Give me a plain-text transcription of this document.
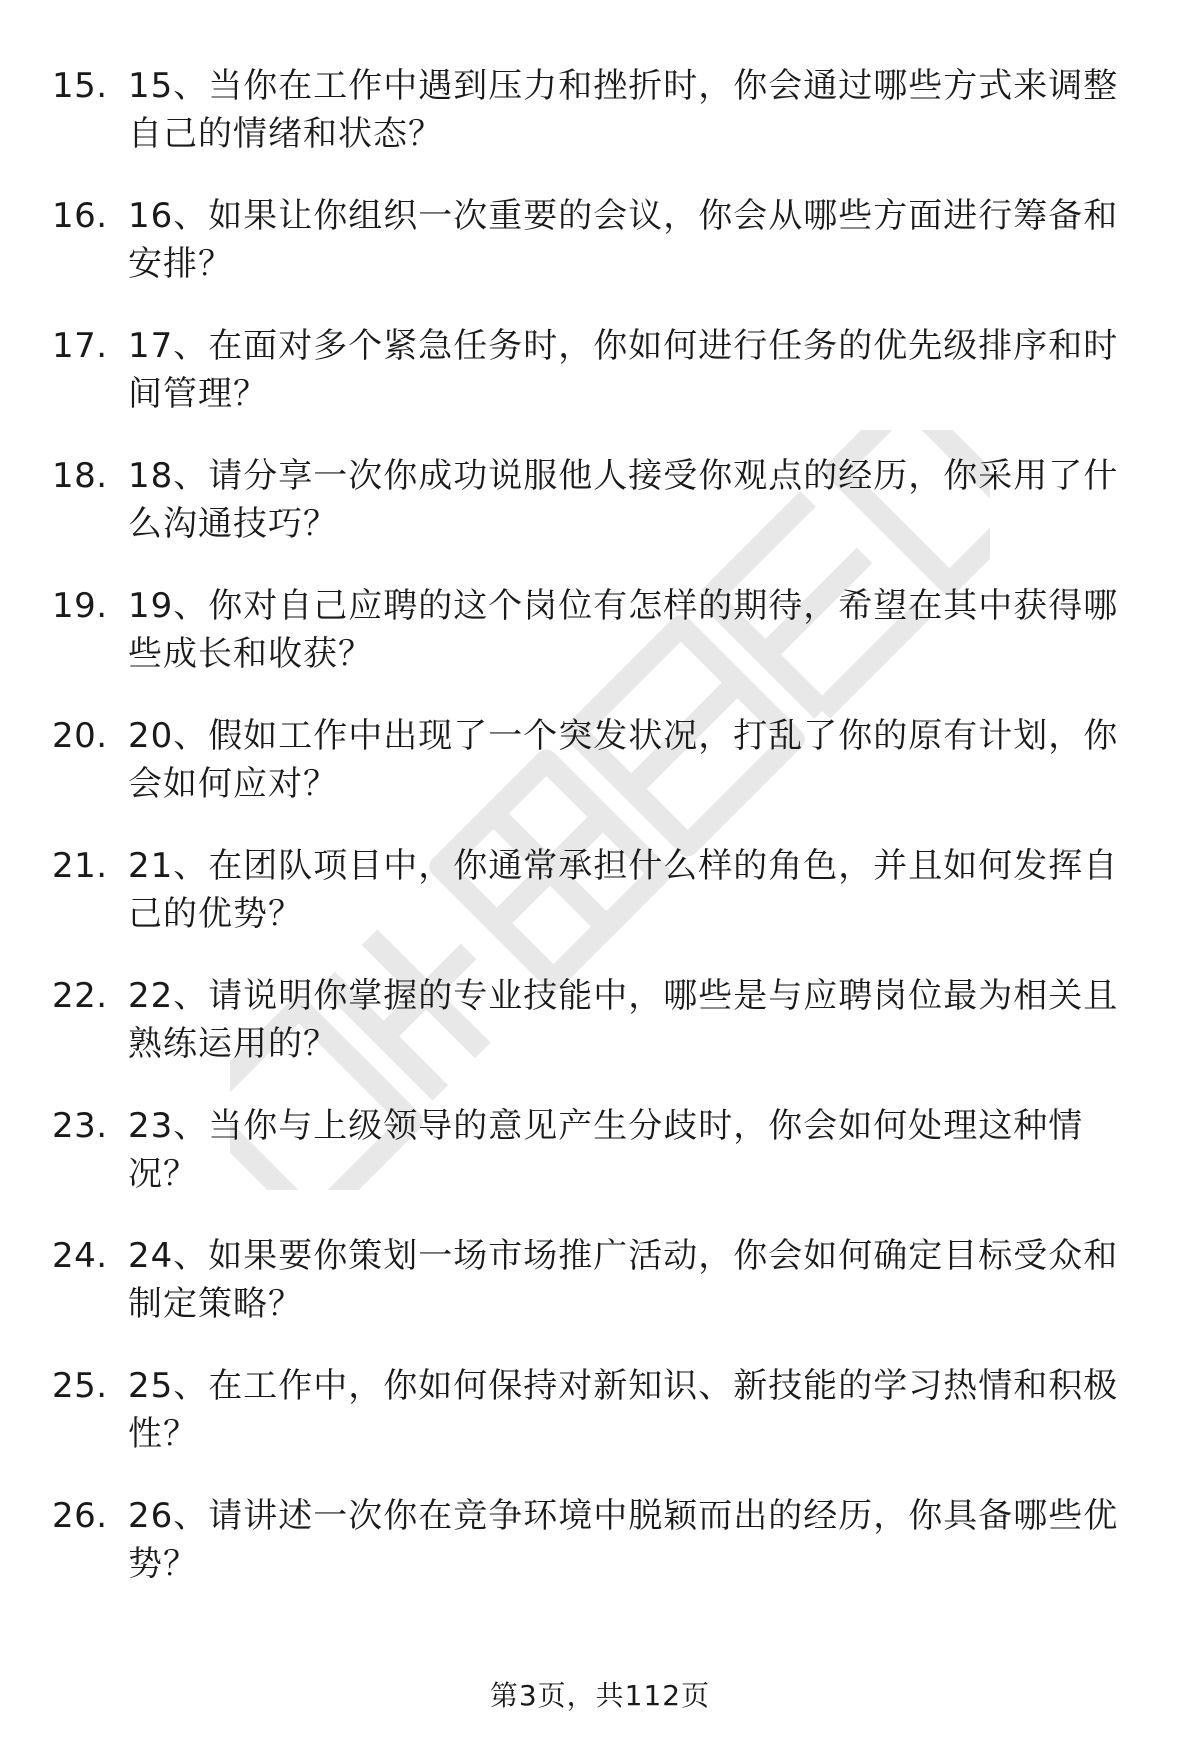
15. 15、当你在工作中遇到压力和挫折时，你会通过哪些方式来调整自己的情绪和状态？
16. 16、如果让你组织一次重要的会议，你会从哪些方面进行筹备和安排？
17. 17、在面对多个紧急任务时，你如何进行任务的优先级排序和时间管理？
18. 18、请分享一次你成功说服他人接受你观点的经历，你采用了什么沟通技巧？
19. 19、你对自己应聘的这个岗位有怎样的期待，希望在其中获得哪些成长和收获？
20. 20、假如工作中出现了一个突发状况，打乱了你的原有计划，你会如何应对？
21. 21、在团队项目中，你通常承担什么样的角色，并且如何发挥自己的优势？
22. 22、请说明你掌握的专业技能中，哪些是与应聘岗位最为相关且熟练运用的？
23. 23、当你与上级领导的意见产生分歧时，你会如何处理这种情况？
24. 24、如果要你策划一场市场推广活动，你会如何确定目标受众和制定策略？
25. 25、在工作中，你如何保持对新知识、新技能的学习热情和积极性？
26. 26、请讲述一次你在竞争环境中脱颖而出的经历，你具备哪些优势？
第3页，共112页
